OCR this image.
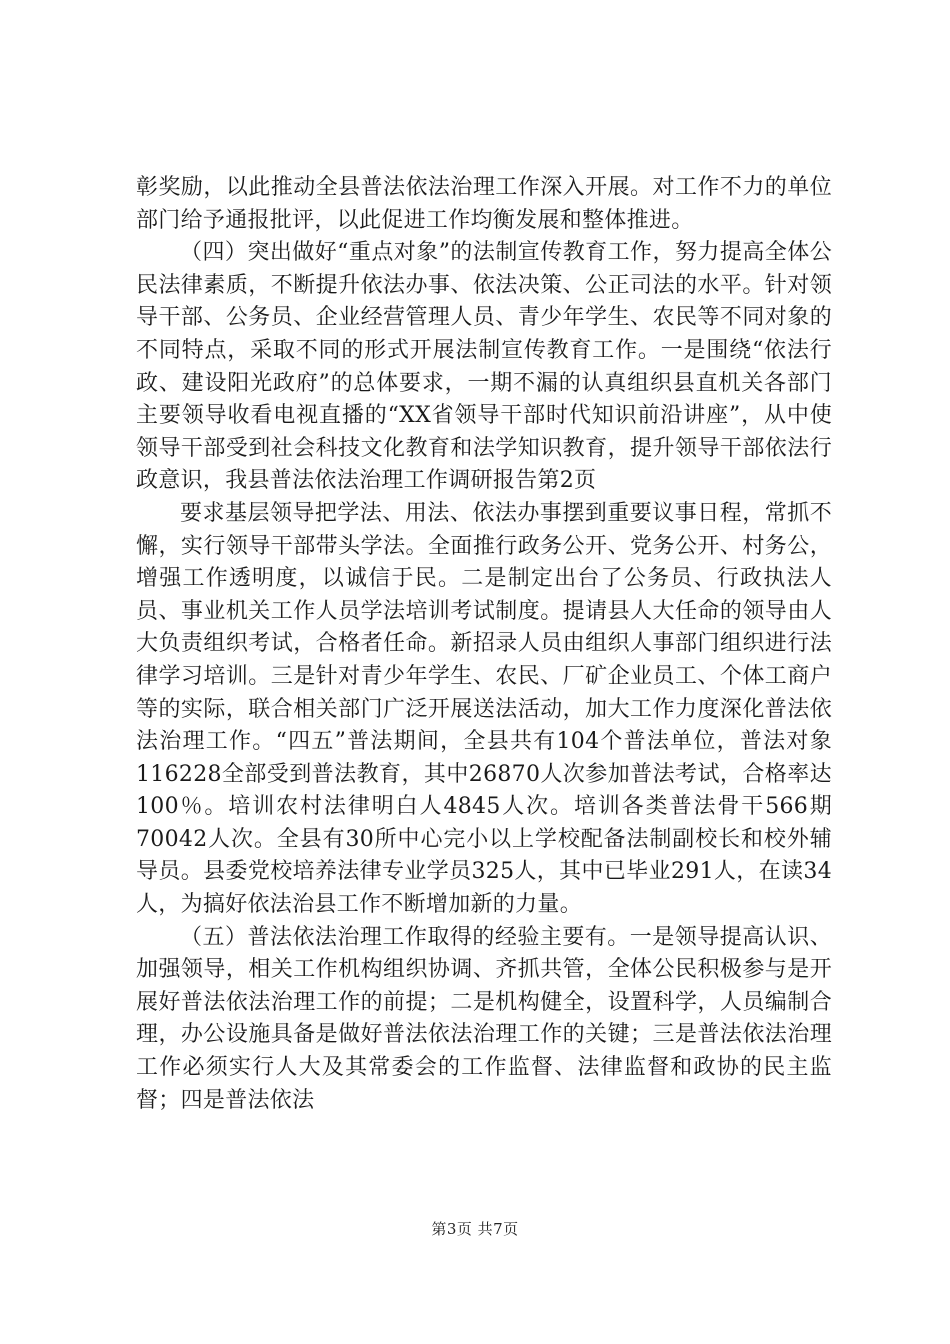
彰奖励，以此推动全县普法依法治理工作深入开展。对工作不力的单位部门给予通报批评，以此促进工作均衡发展和整体推进。

（四）突出做好“重点对象”的法制宣传教育工作，努力提高全体公民法律素质，不断提升依法办事、依法决策、公正司法的水平。针对领导干部、公务员、企业经营管理人员、青少年学生、农民等不同对象的不同特点，采取不同的形式开展法制宣传教育工作。一是围绕“依法行政、建设阳光政府”的总体要求，一期不漏的认真组织县直机关各部门主要领导收看电视直播的“XX省领导干部时代知识前沿讲座”，从中使领导干部受到社会科技文化教育和法学知识教育，提升领导干部依法行政意识，我县普法依法治理工作调研报告第2页

要求基层领导把学法、用法、依法办事摆到重要议事日程，常抓不懈，实行领导干部带头学法。全面推行政务公开、党务公开、村务公，增强工作透明度，以诚信于民。二是制定出台了公务员、行政执法人员、事业机关工作人员学法培训考试制度。提请县人大任命的领导由人大负责组织考试，合格者任命。新招录人员由组织人事部门组织进行法律学习培训。三是针对青少年学生、农民、厂矿企业员工、个体工商户等的实际，联合相关部门广泛开展送法活动，加大工作力度深化普法依法治理工作。“四五”普法期间，全县共有104个普法单位，普法对象116228全部受到普法教育，其中26870人次参加普法考试，合格率达100％。培训农村法律明白人4845人次。培训各类普法骨干566期70042人次。全县有30所中心完小以上学校配备法制副校长和校外辅导员。县委党校培养法律专业学员325人，其中已毕业291人，在读34人，为搞好依法治县工作不断增加新的力量。

（五）普法依法治理工作取得的经验主要有。一是领导提高认识、加强领导，相关工作机构组织协调、齐抓共管，全体公民积极参与是开展好普法依法治理工作的前提；二是机构健全，设置科学，人员编制合理，办公设施具备是做好普法依法治理工作的关键；三是普法依法治理工作必须实行人大及其常委会的工作监督、法律监督和政协的民主监督；四是普法依法

第3页 共7页
